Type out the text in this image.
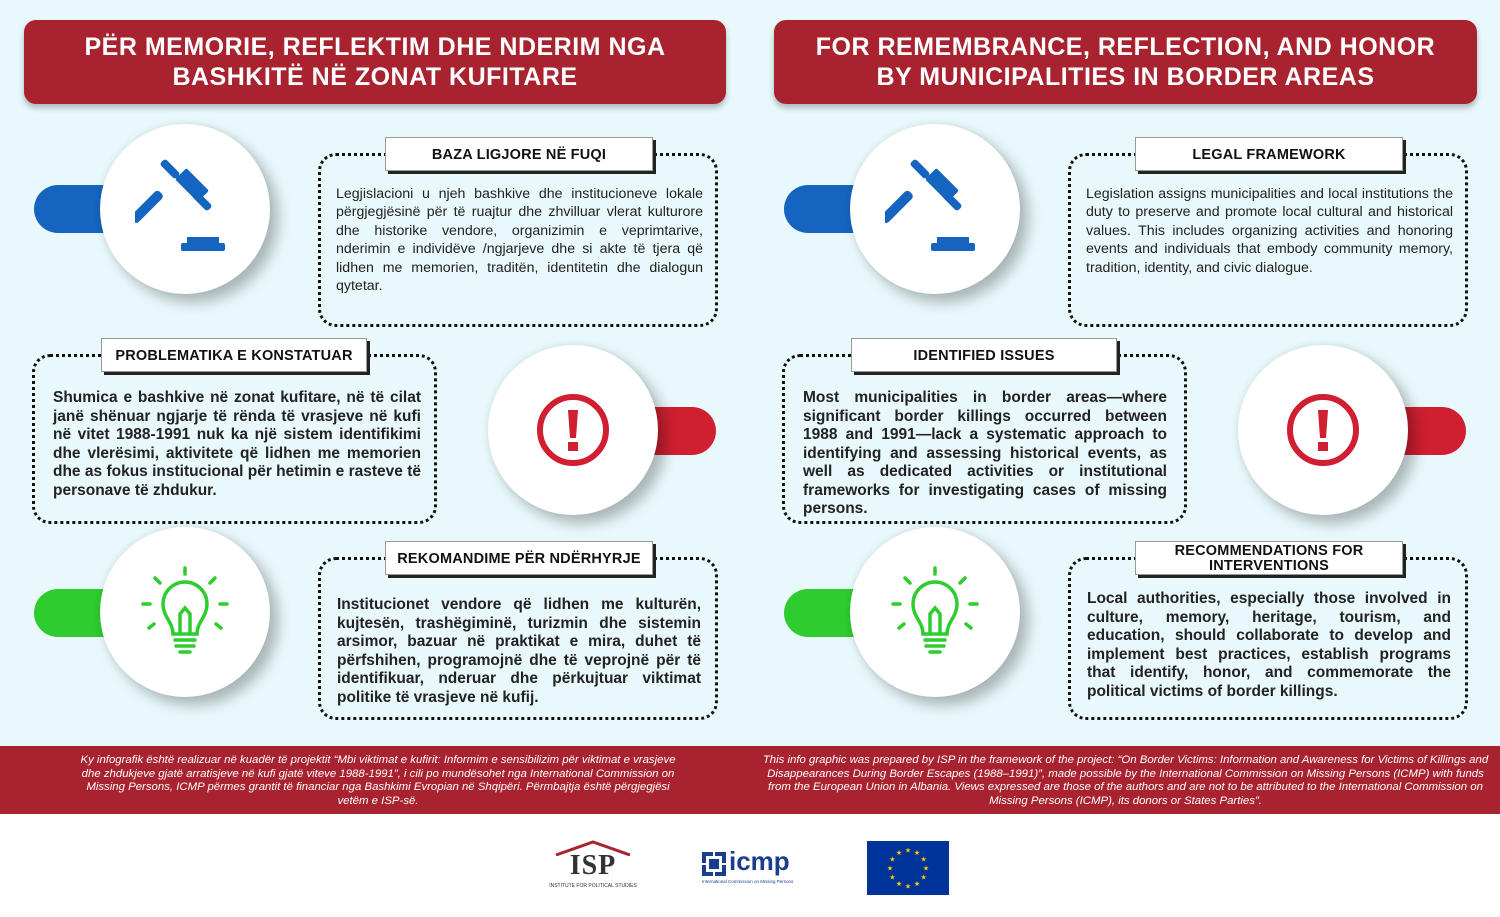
PËR MEMORIE, REFLEKTIM DHE NDERIM NGA
BASHKITË NË ZONAT KUFITARE
FOR REMEMBRANCE, REFLECTION, AND HONOR
BY MUNICIPALITIES IN BORDER AREAS
Legjislacioni u njeh bashkive dhe institucioneve lokale përgjegjësinë për të ruajtur dhe zhvilluar vlerat kulturore dhe historike vendore, organizimin e veprimtarive, nderimin e individëve /ngjarjeve dhe si akte të tjera që lidhen me memorien, traditën, identitetin dhe dialogun qytetar.
BAZA LIGJORE NË FUQI
Shumica e bashkive në zonat kufitare, në të cilat janë shënuar ngjarje të rënda të vrasjeve në kufi në vitet 1988-1991 nuk ka një sistem identifikimi dhe vlerësimi, aktivitete që lidhen me memorien dhe as fokus institucional për hetimin e rasteve të personave të zhdukur.
PROBLEMATIKA E KONSTATUAR
Institucionet vendore që lidhen me kulturën, kujtesën, trashëgiminë, turizmin dhe sistemin arsimor, bazuar në praktikat e mira, duhet të përfshihen, programojnë dhe të veprojnë për të identifikuar, nderuar dhe përkujtuar viktimat politike të vrasjeve në kufij.
REKOMANDIME PËR NDËRHYRJE
Legislation assigns municipalities and local institutions the duty to preserve and promote local cultural and historical values. This includes organizing activities and honoring events and individuals that embody community memory, tradition, identity, and civic dialogue.
LEGAL FRAMEWORK
Most municipalities in border areas—where significant border killings occurred between 1988 and 1991—lack a systematic approach to identifying and assessing historical events, as well as dedicated activities or institutional frameworks for investigating cases of missing persons.
IDENTIFIED ISSUES
Local authorities, especially those involved in culture, memory, heritage, tourism, and education, should collaborate to develop and implement best practices, establish programs that identify, honor, and commemorate the political victims of border killings.
RECOMMENDATIONS FOR INTERVENTIONS
Ky infografik është realizuar në kuadër të projektit “Mbi viktimat e kufirit: Informim e sensibilizim për viktimat e vrasjeve dhe zhdukjeve gjatë arratisjeve në kufi gjatë viteve 1988-1991”, i cili po mundësohet nga International Commission on Missing Persons, ICMP përmes grantit të financiar nga Bashkimi Evropian në Shqipëri. Përmbajtja është përgjegjësi vetëm e ISP-së.
This info graphic was prepared by ISP in the framework of the project: “On Border Victims: Information and Awareness for Victims of Killings and Disappearances During Border Escapes (1988–1991)”, made possible by the International Commission on Missing Persons (ICMP) with funds from the European Union in Albania. Views expressed are those of the authors and are not to be attributed to the International Commission on Missing Persons (ICMP), its donors or States Parties”.
ISP
INSTITUTE FOR POLITICAL STUDIES
icmp
International Commission on Missing Persons
★ ★
★
★
★
★
★
★
★
★
★
★
